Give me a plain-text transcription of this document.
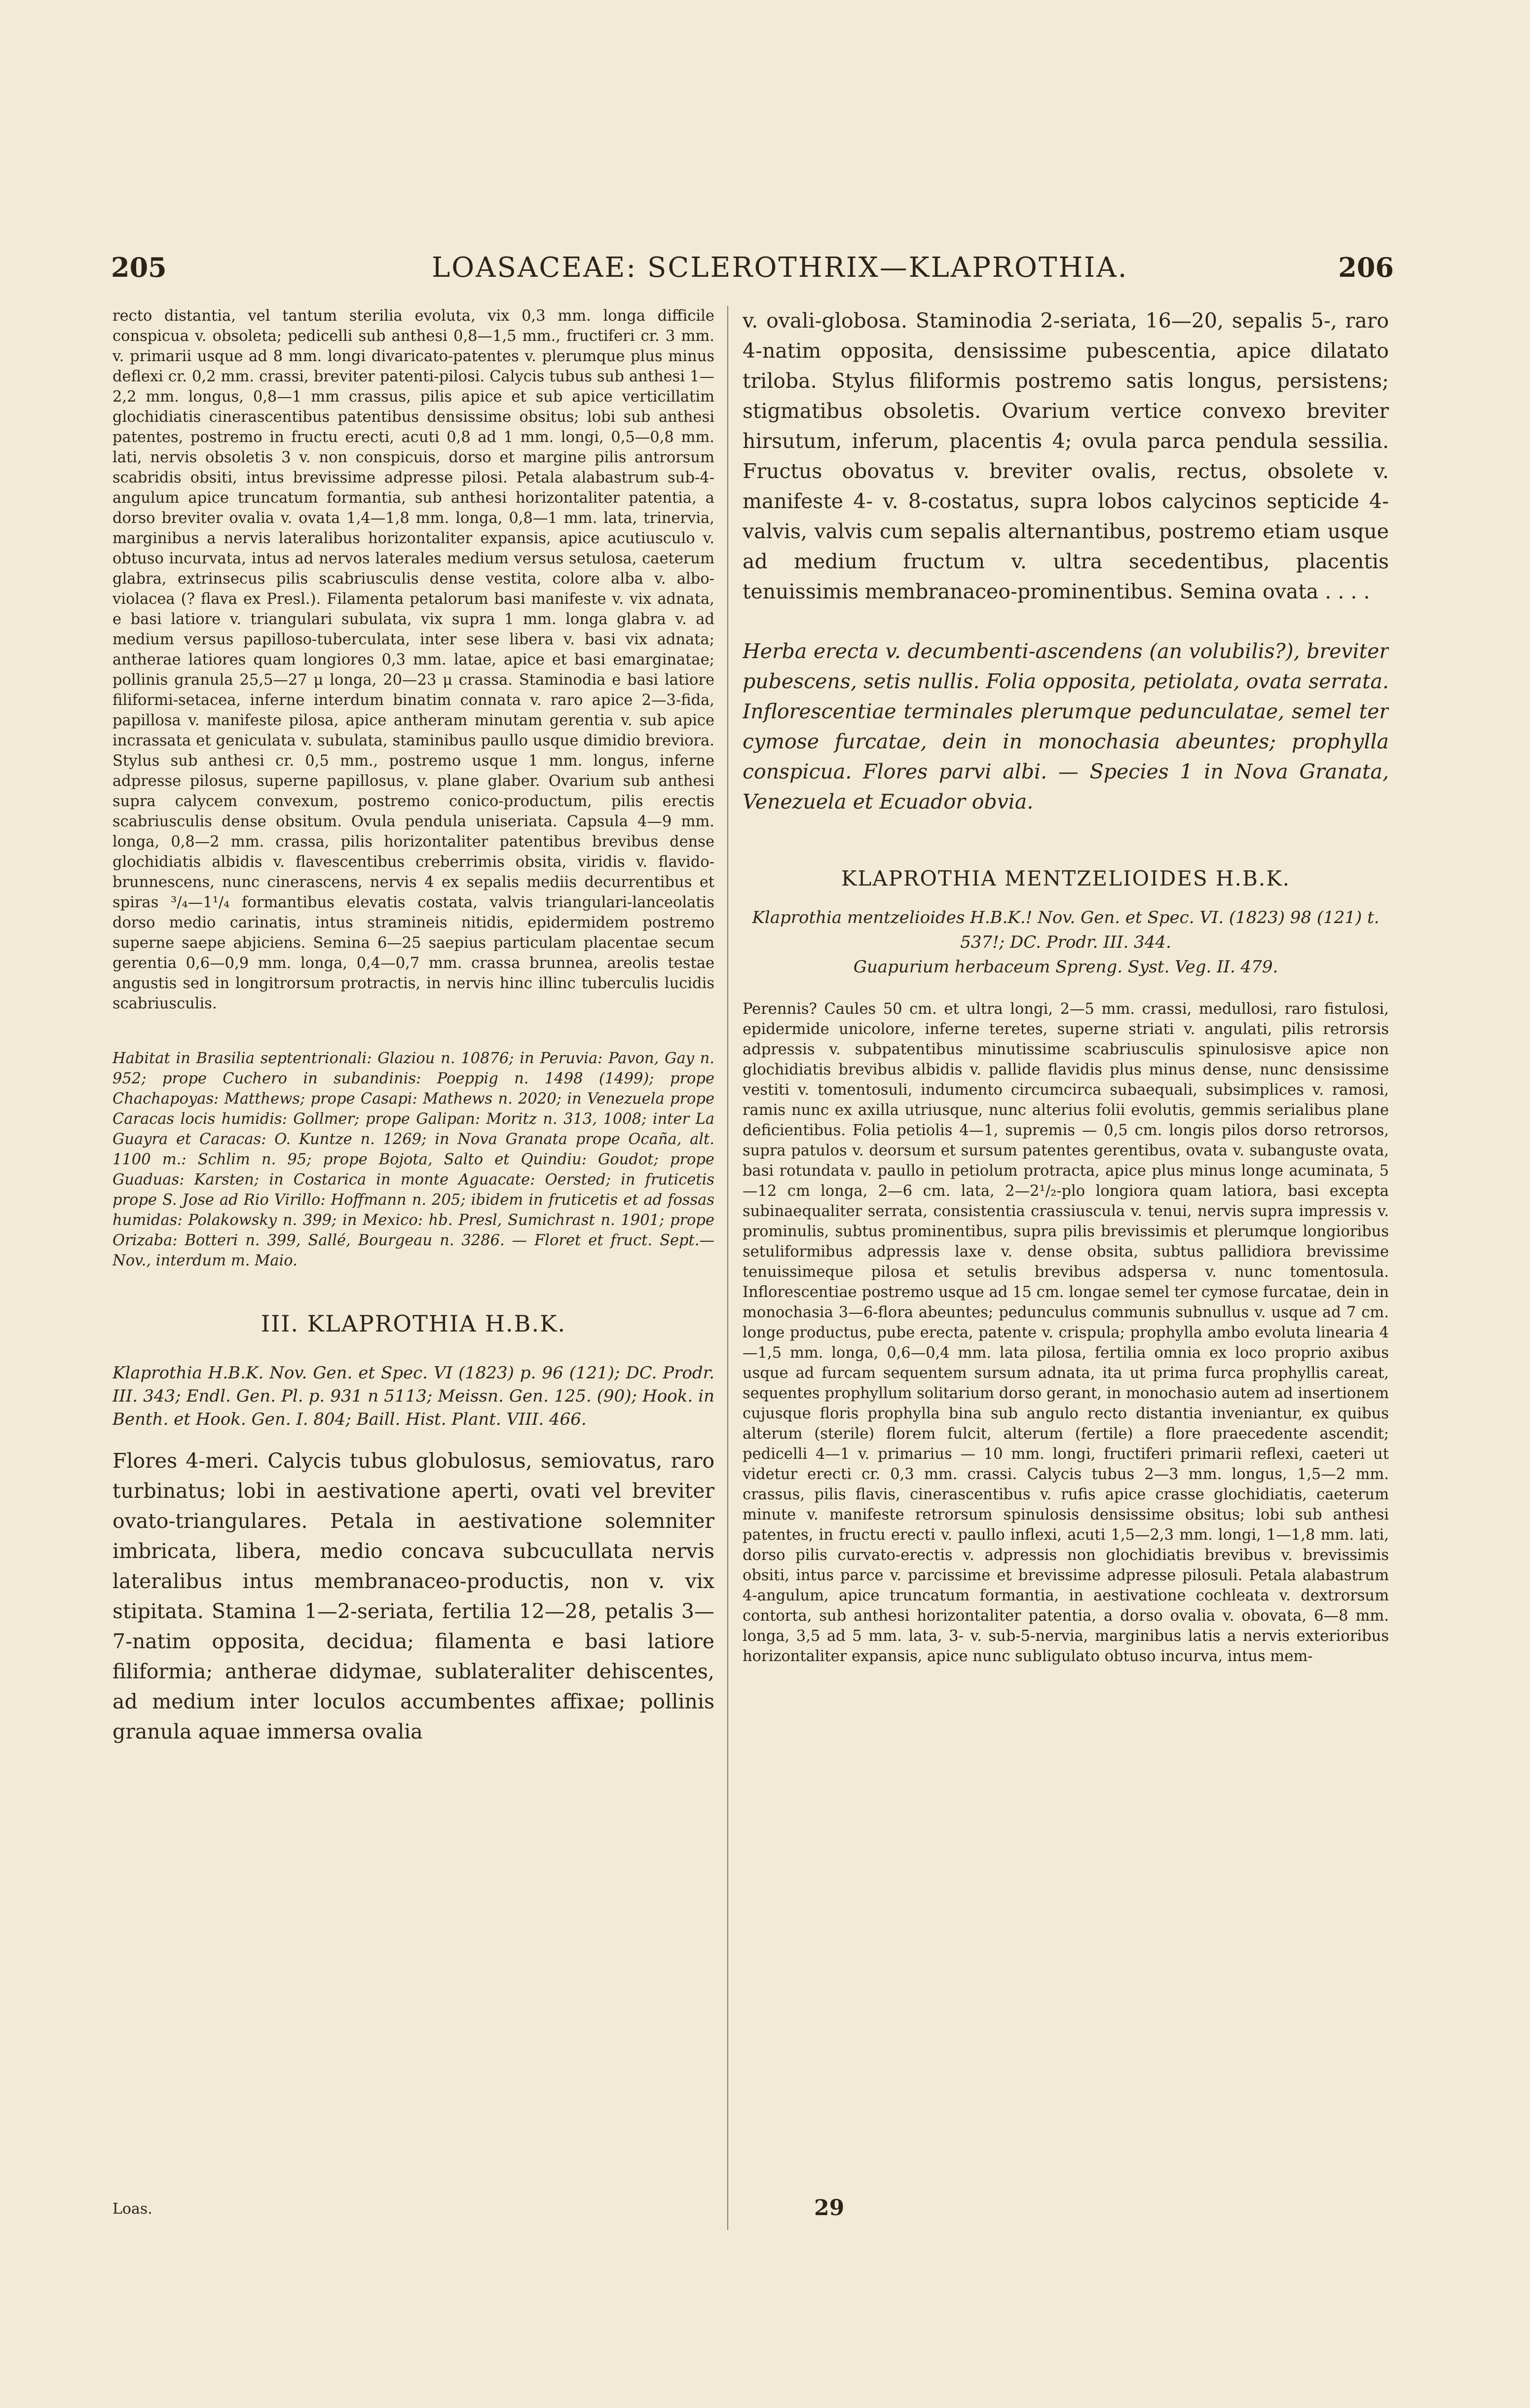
205	LOASACEAE: SCLEROTHRIX—KLAPROTHIA.	206

recto distantia, vel tantum sterilia evoluta, vix 0,3 mm. longa difficile conspicua v. obsoleta; pedicelli sub anthesi 0,8—1,5 mm., fructiferi cr. 3 mm. v. primarii usque ad 8 mm. longi divaricato-patentes v. plerumque plus minus deflexi cr. 0,2 mm. crassi, breviter patenti-pilosi. Calycis tubus sub anthesi 1—2,2 mm. longus, 0,8—1 mm crassus, pilis apice et sub apice verticillatim glochidiatis cinerascentibus patentibus densissime obsitus; lobi sub anthesi patentes, postremo in fructu erecti, acuti 0,8 ad 1 mm. longi, 0,5—0,8 mm. lati, nervis obsoletis 3 v. non conspicuis, dorso et margine pilis antrorsum scabridis obsiti, intus brevissime adpresse pilosi. Petala alabastrum sub-4-angulum apice truncatum formantia, sub anthesi horizontaliter patentia, a dorso breviter ovalia v. ovata 1,4—1,8 mm. longa, 0,8—1 mm. lata, trinervia, marginibus a nervis lateralibus horizontaliter expansis, apice acutiusculo v. obtuso incurvata, intus ad nervos laterales medium versus setulosa, caeterum glabra, extrinsecus pilis scabriusculis dense vestita, colore alba v. albo-violacea (? flava ex Presl.). Filamenta petalorum basi manifeste v. vix adnata, e basi latiore v. triangulari subulata, vix supra 1 mm. longa glabra v. ad medium versus papilloso-tuberculata, inter sese libera v. basi vix adnata; antherae latiores quam longiores 0,3 mm. latae, apice et basi emarginatae; pollinis granula 25,5—27 μ longa, 20—23 μ crassa. Staminodia e basi latiore filiformi-setacea, inferne interdum binatim connata v. raro apice 2—3-fida, papillosa v. manifeste pilosa, apice antheram minutam gerentia v. sub apice incrassata et geniculata v. subulata, staminibus paullo usque dimidio breviora. Stylus sub anthesi cr. 0,5 mm., postremo usque 1 mm. longus, inferne adpresse pilosus, superne papillosus, v. plane glaber. Ovarium sub anthesi supra calycem convexum, postremo conico-productum, pilis erectis scabriusculis dense obsitum. Ovula pendula uniseriata. Capsula 4—9 mm. longa, 0,8—2 mm. crassa, pilis horizontaliter patentibus brevibus dense glochidiatis albidis v. flavescentibus creberrimis obsita, viridis v. flavido-brunnescens, nunc cinerascens, nervis 4 ex sepalis mediis decurrentibus et spiras ³/₄—1¹/₄ formantibus elevatis costata, valvis triangulari-lanceolatis dorso medio carinatis, intus stramineis nitidis, epidermidem postremo superne saepe abjiciens. Semina 6—25 saepius particulam placentae secum gerentia 0,6—0,9 mm. longa, 0,4—0,7 mm. crassa brunnea, areolis testae angustis sed in longitrorsum protractis, in nervis hinc illinc tuberculis lucidis scabriusculis.

Habitat in Brasilia septentrionali: Glaziou n. 10876; in Peruvia: Pavon, Gay n. 952; prope Cuchero in subandinis: Poeppig n. 1498 (1499); prope Chachapoyas: Matthews; prope Casapi: Mathews n. 2020; in Venezuela prope Caracas locis humidis: Gollmer; prope Galipan: Moritz n. 313, 1008; inter La Guayra et Caracas: O. Kuntze n. 1269; in Nova Granata prope Ocaña, alt. 1100 m.: Schlim n. 95; prope Bojota, Salto et Quindiu: Goudot; prope Guaduas: Karsten; in Costarica in monte Aguacate: Oersted; in fruticetis prope S. Jose ad Rio Virillo: Hoffmann n. 205; ibidem in fruticetis et ad fossas humidas: Polakowsky n. 399; in Mexico: hb. Presl, Sumichrast n. 1901; prope Orizaba: Botteri n. 399, Sallé, Bourgeau n. 3286. — Floret et fruct. Sept.—Nov., interdum m. Maio.

III. KLAPROTHIA H.B.K.

Klaprothia H.B.K. Nov. Gen. et Spec. VI (1823) p. 96 (121); DC. Prodr. III. 343; Endl. Gen. Pl. p. 931 n 5113; Meissn. Gen. 125. (90); Hook. in Benth. et Hook. Gen. I. 804; Baill. Hist. Plant. VIII. 466.

Flores 4-meri. Calycis tubus globulosus, semiovatus, raro turbinatus; lobi in aestivatione aperti, ovati vel breviter ovato-triangulares. Petala in aestivatione solemniter imbricata, libera, medio concava subcucullata nervis lateralibus intus membranaceo-productis, non v. vix stipitata. Stamina 1—2-seriata, fertilia 12—28, petalis 3—7-natim opposita, decidua; filamenta e basi latiore filiformia; antherae didymae, sublateraliter dehiscentes, ad medium inter loculos accumbentes affixae; pollinis granula aquae immersa ovalia

v. ovali-globosa. Staminodia 2-seriata, 16—20, sepalis 5-, raro 4-natim opposita, densissime pubescentia, apice dilatato triloba. Stylus filiformis postremo satis longus, persistens; stigmatibus obsoletis. Ovarium vertice convexo breviter hirsutum, inferum, placentis 4; ovula parca pendula sessilia. Fructus obovatus v. breviter ovalis, rectus, obsolete v. manifeste 4- v. 8-costatus, supra lobos calycinos septicide 4-valvis, valvis cum sepalis alternantibus, postremo etiam usque ad medium fructum v. ultra secedentibus, placentis tenuissimis membranaceo-prominentibus. Semina ovata . . . .

Herba erecta v. decumbenti-ascendens (an volubilis?), breviter pubescens, setis nullis. Folia opposita, petiolata, ovata serrata. Inflorescentiae terminales plerumque pedunculatae, semel ter cymose furcatae, dein in monochasia abeuntes; prophylla conspicua. Flores parvi albi. — Species 1 in Nova Granata, Venezuela et Ecuador obvia.

KLAPROTHIA MENTZELIOIDES H.B.K.

Klaprothia mentzelioides H.B.K.! Nov. Gen. et Spec. VI. (1823) 98 (121) t. 537!; DC. Prodr. III. 344.

Guapurium herbaceum Spreng. Syst. Veg. II. 479.

Perennis? Caules 50 cm. et ultra longi, 2—5 mm. crassi, medullosi, raro fistulosi, epidermide unicolore, inferne teretes, superne striati v. angulati, pilis retrorsis adpressis v. subpatentibus minutissime scabriusculis spinulosisve apice non glochidiatis brevibus albidis v. pallide flavidis plus minus dense, nunc densissime vestiti v. tomentosuli, indumento circumcirca subaequali, subsimplices v. ramosi, ramis nunc ex axilla utriusque, nunc alterius folii evolutis, gemmis serialibus plane deficientibus. Folia petiolis 4—1, supremis — 0,5 cm. longis pilos dorso retrorsos, supra patulos v. deorsum et sursum patentes gerentibus, ovata v. subanguste ovata, basi rotundata v. paullo in petiolum protracta, apice plus minus longe acuminata, 5—12 cm longa, 2—6 cm. lata, 2—2¹/₂-plo longiora quam latiora, basi excepta subinaequaliter serrata, consistentia crassiuscula v. tenui, nervis supra impressis v. prominulis, subtus prominentibus, supra pilis brevissimis et plerumque longioribus setuliformibus adpressis laxe v. dense obsita, subtus pallidiora brevissime tenuissimeque pilosa et setulis brevibus adspersa v. nunc tomentosula. Inflorescentiae postremo usque ad 15 cm. longae semel ter cymose furcatae, dein in monochasia 3—6-flora abeuntes; pedunculus communis subnullus v. usque ad 7 cm. longe productus, pube erecta, patente v. crispula; prophylla ambo evoluta linearia 4—1,5 mm. longa, 0,6—0,4 mm. lata pilosa, fertilia omnia ex loco proprio axibus usque ad furcam sequentem sursum adnata, ita ut prima furca prophyllis careat, sequentes prophyllum solitarium dorso gerant, in monochasio autem ad insertionem cujusque floris prophylla bina sub angulo recto distantia inveniantur, ex quibus alterum (sterile) florem fulcit, alterum (fertile) a flore praecedente ascendit; pedicelli 4—1 v. primarius — 10 mm. longi, fructiferi primarii reflexi, caeteri ut videtur erecti cr. 0,3 mm. crassi. Calycis tubus 2—3 mm. longus, 1,5—2 mm. crassus, pilis flavis, cinerascentibus v. rufis apice crasse glochidiatis, caeterum minute v. manifeste retrorsum spinulosis densissime obsitus; lobi sub anthesi patentes, in fructu erecti v. paullo inflexi, acuti 1,5—2,3 mm. longi, 1—1,8 mm. lati, dorso pilis curvato-erectis v. adpressis non glochidiatis brevibus v. brevissimis obsiti, intus parce v. parcissime et brevissime adpresse pilosuli. Petala alabastrum 4-angulum, apice truncatum formantia, in aestivatione cochleata v. dextrorsum contorta, sub anthesi horizontaliter patentia, a dorso ovalia v. obovata, 6—8 mm. longa, 3,5 ad 5 mm. lata, 3- v. sub-5-nervia, marginibus latis a nervis exterioribus horizontaliter expansis, apice nunc subligulato obtuso incurva, intus mem-

Loas.	29
